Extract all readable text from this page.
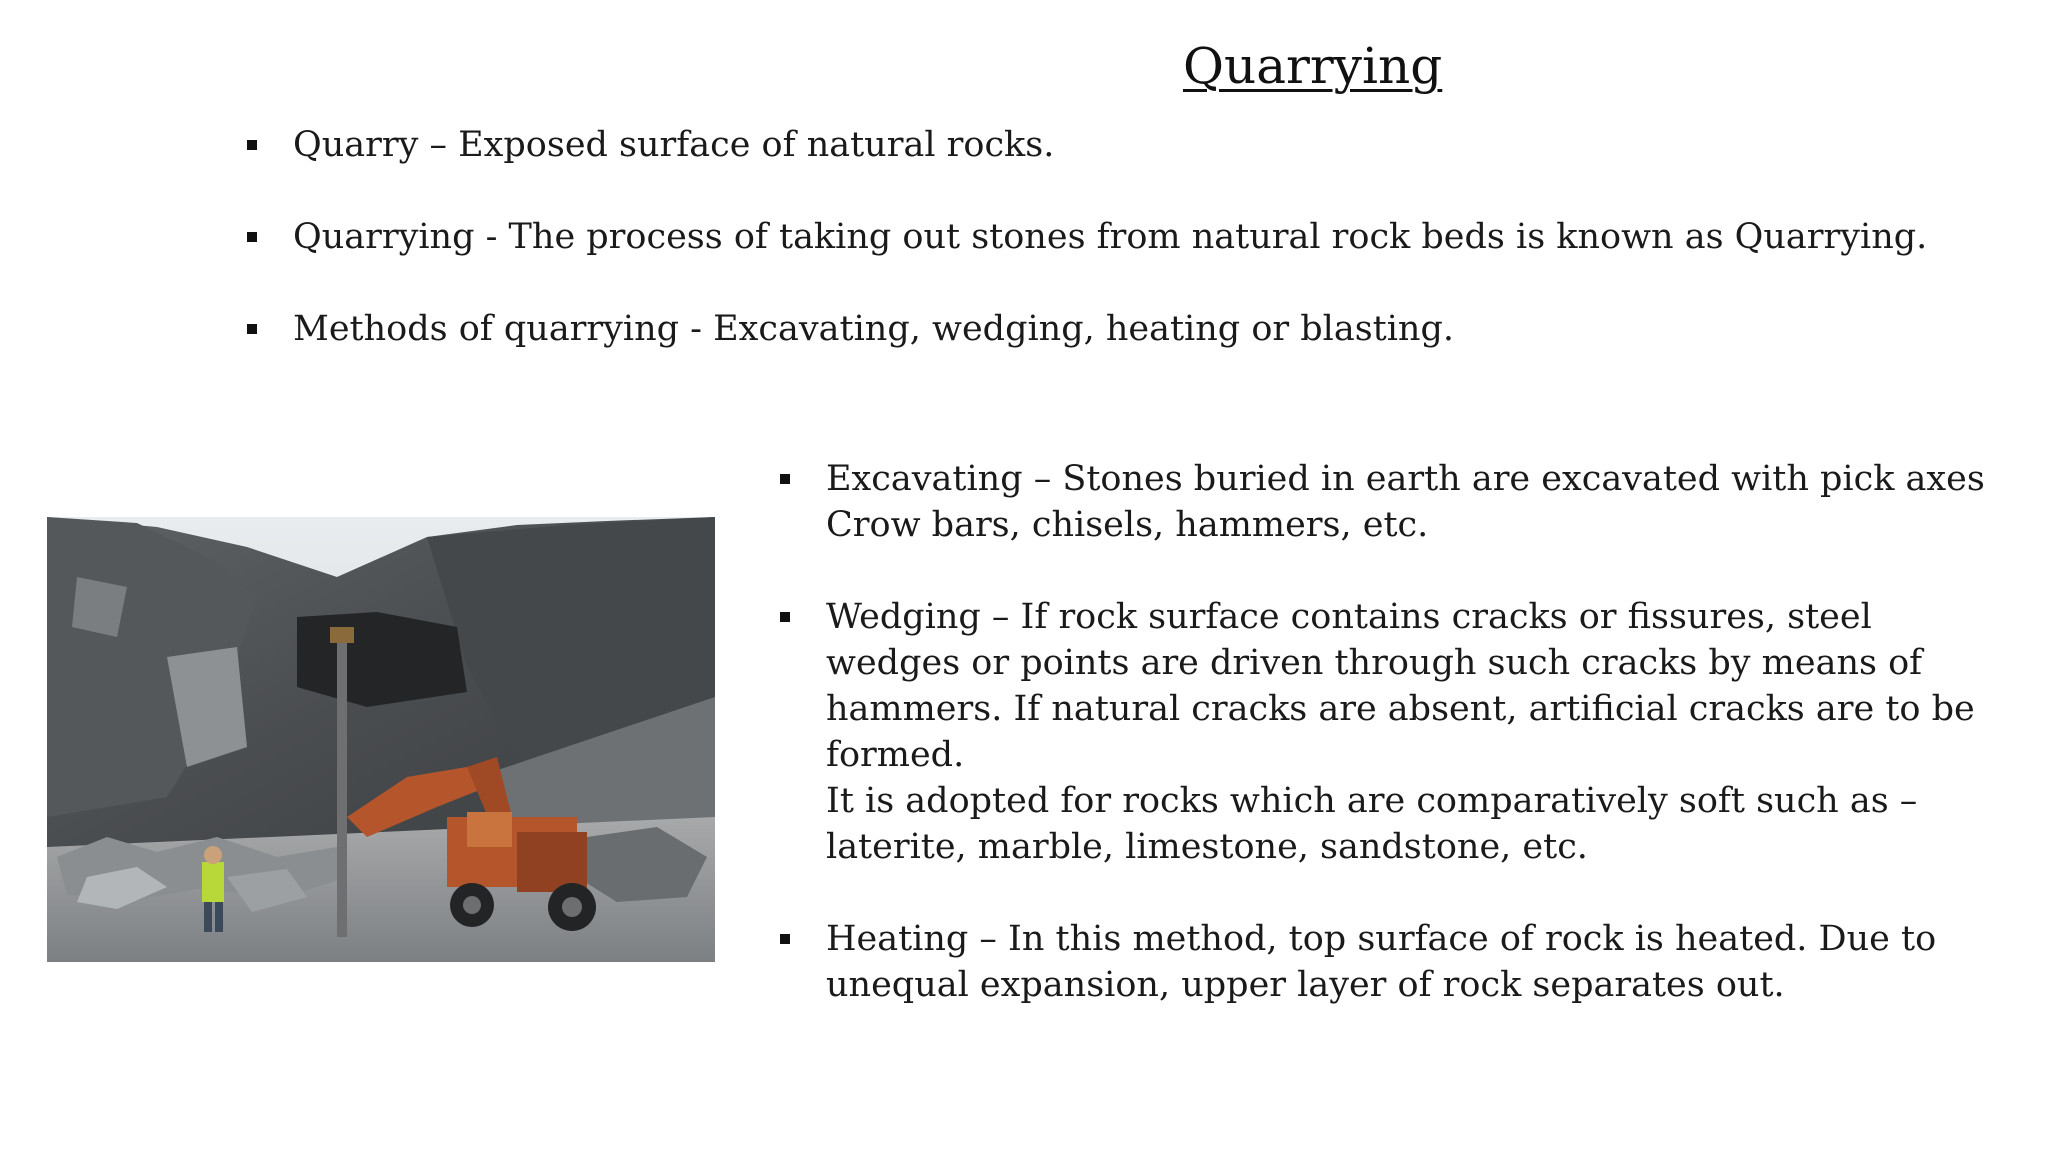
Quarrying
Quarry – Exposed surface of natural rocks.
Quarrying - The process of taking out stones from natural rock beds is known as Quarrying.
Methods of quarrying - Excavating, wedging, heating or blasting.
Excavating – Stones buried in earth are excavated with pick axes
Crow bars, chisels, hammers, etc.
Wedging – If rock surface contains cracks or fissures, steel
wedges or points are driven through such cracks by means of
hammers. If natural cracks are absent, artificial cracks are to be
formed.
It is adopted for rocks which are comparatively soft such as –
laterite, marble, limestone, sandstone, etc.
Heating – In this method, top surface of rock is heated. Due to
unequal expansion, upper layer of rock separates out.
